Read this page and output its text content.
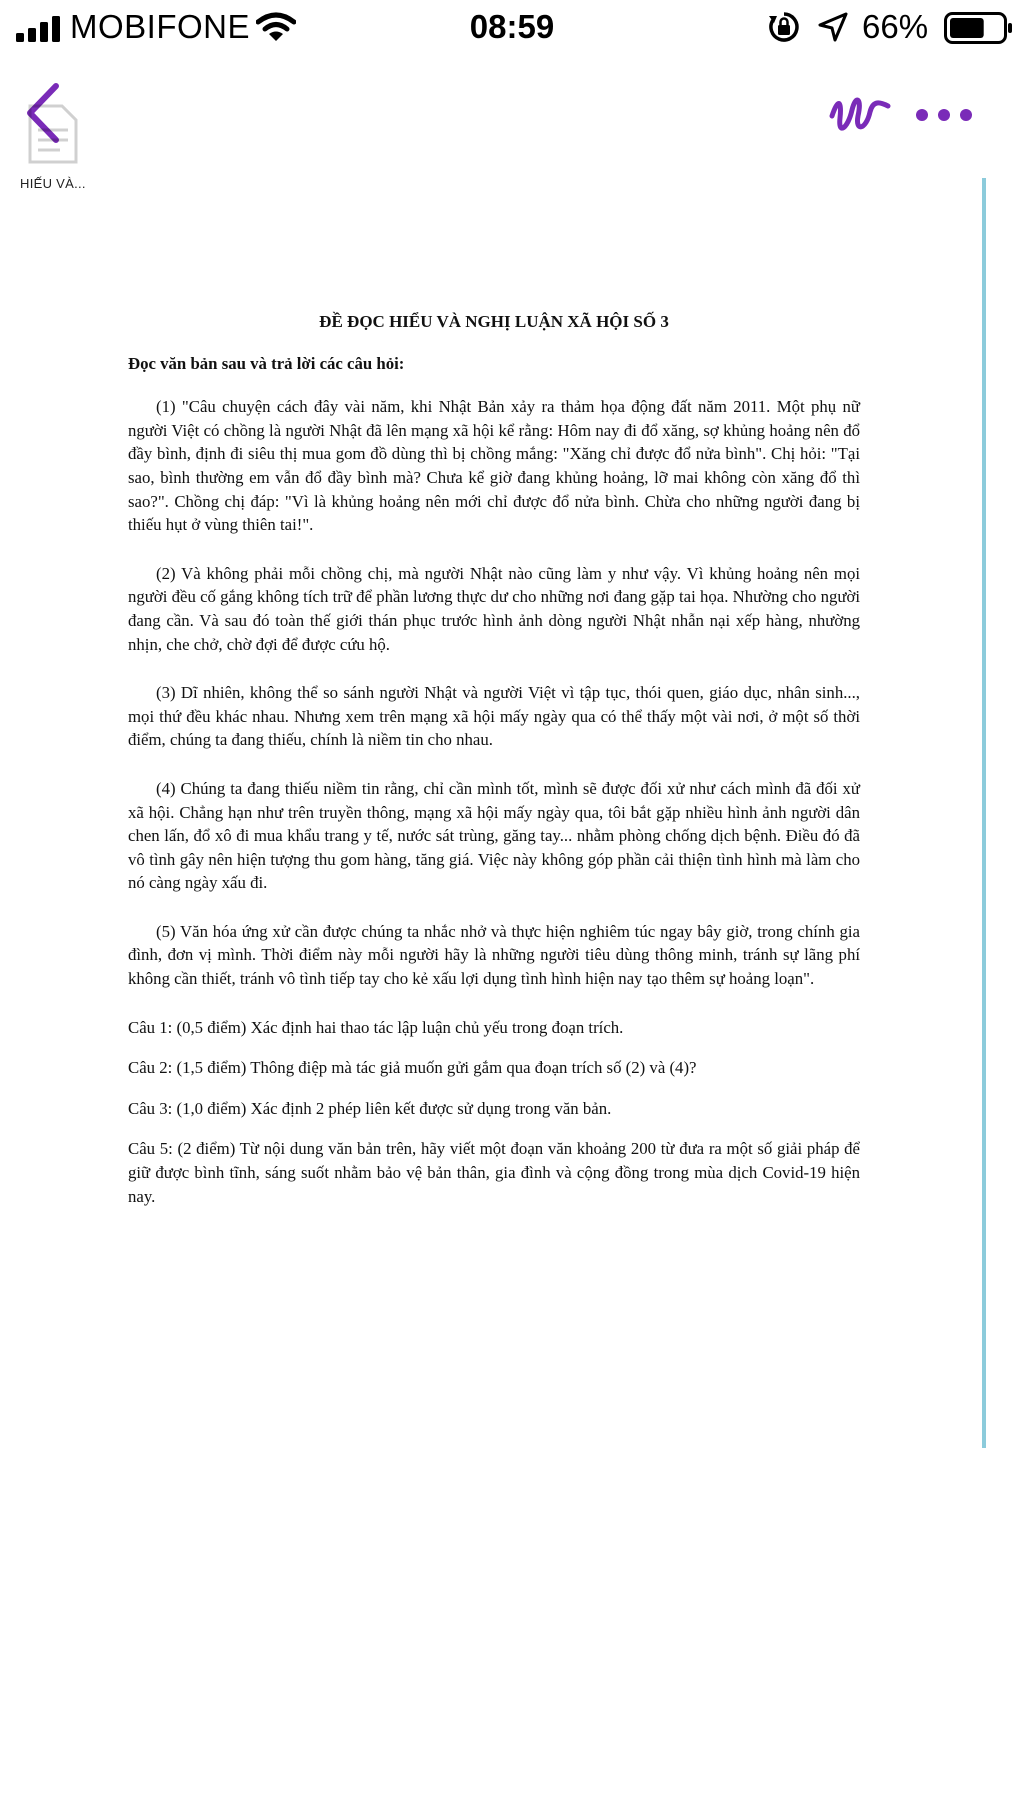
MOBIFONE	08:59	66%
HIẾU VÀ...
ĐỀ ĐỌC HIỂU VÀ NGHỊ LUẬN XÃ HỘI SỐ 3
Đọc văn bản sau và trả lời các câu hỏi:

(1) "Câu chuyện cách đây vài năm, khi Nhật Bản xảy ra thảm họa động đất năm 2011. Một phụ nữ người Việt có chồng là người Nhật đã lên mạng xã hội kể rằng: Hôm nay đi đổ xăng, sợ khủng hoảng nên đổ đầy bình, định đi siêu thị mua gom đồ dùng thì bị chồng mắng: "Xăng chỉ được đổ nửa bình". Chị hỏi: "Tại sao, bình thường em vẫn đổ đầy bình mà? Chưa kể giờ đang khủng hoảng, lỡ mai không còn xăng đổ thì sao?". Chồng chị đáp: "Vì là khủng hoảng nên mới chỉ được đổ nửa bình. Chừa cho những người đang bị thiếu hụt ở vùng thiên tai!".

(2) Và không phải mỗi chồng chị, mà người Nhật nào cũng làm y như vậy. Vì khủng hoảng nên mọi người đều cố gắng không tích trữ để phần lương thực dư cho những nơi đang gặp tai họa. Nhường cho người đang cần. Và sau đó toàn thế giới thán phục trước hình ảnh dòng người Nhật nhẫn nại xếp hàng, nhường nhịn, che chở, chờ đợi để được cứu hộ.

(3) Dĩ nhiên, không thể so sánh người Nhật và người Việt vì tập tục, thói quen, giáo dục, nhân sinh..., mọi thứ đều khác nhau. Nhưng xem trên mạng xã hội mấy ngày qua có thể thấy một vài nơi, ở một số thời điểm, chúng ta đang thiếu, chính là niềm tin cho nhau.

(4) Chúng ta đang thiếu niềm tin rằng, chỉ cần mình tốt, mình sẽ được đối xử như cách mình đã đối xử xã hội. Chẳng hạn như trên truyền thông, mạng xã hội mấy ngày qua, tôi bắt gặp nhiều hình ảnh người dân chen lấn, đổ xô đi mua khẩu trang y tế, nước sát trùng, găng tay... nhằm phòng chống dịch bệnh. Điều đó đã vô tình gây nên hiện tượng thu gom hàng, tăng giá. Việc này không góp phần cải thiện tình hình mà làm cho nó càng ngày xấu đi.

(5) Văn hóa ứng xử cần được chúng ta nhắc nhở và thực hiện nghiêm túc ngay bây giờ, trong chính gia đình, đơn vị mình. Thời điểm này mỗi người hãy là những người tiêu dùng thông minh, tránh sự lãng phí không cần thiết, tránh vô tình tiếp tay cho kẻ xấu lợi dụng tình hình hiện nay tạo thêm sự hoảng loạn".

Câu 1: (0,5 điểm) Xác định hai thao tác lập luận chủ yếu trong đoạn trích.

Câu 2: (1,5 điểm) Thông điệp mà tác giả muốn gửi gắm qua đoạn trích số (2) và (4)?

Câu 3: (1,0 điểm) Xác định 2 phép liên kết được sử dụng trong văn bản.

Câu 5: (2 điểm) Từ nội dung văn bản trên, hãy viết một đoạn văn khoảng 200 từ đưa ra một số giải pháp để giữ được bình tĩnh, sáng suốt nhằm bảo vệ bản thân, gia đình và cộng đồng trong mùa dịch Covid-19 hiện nay.
